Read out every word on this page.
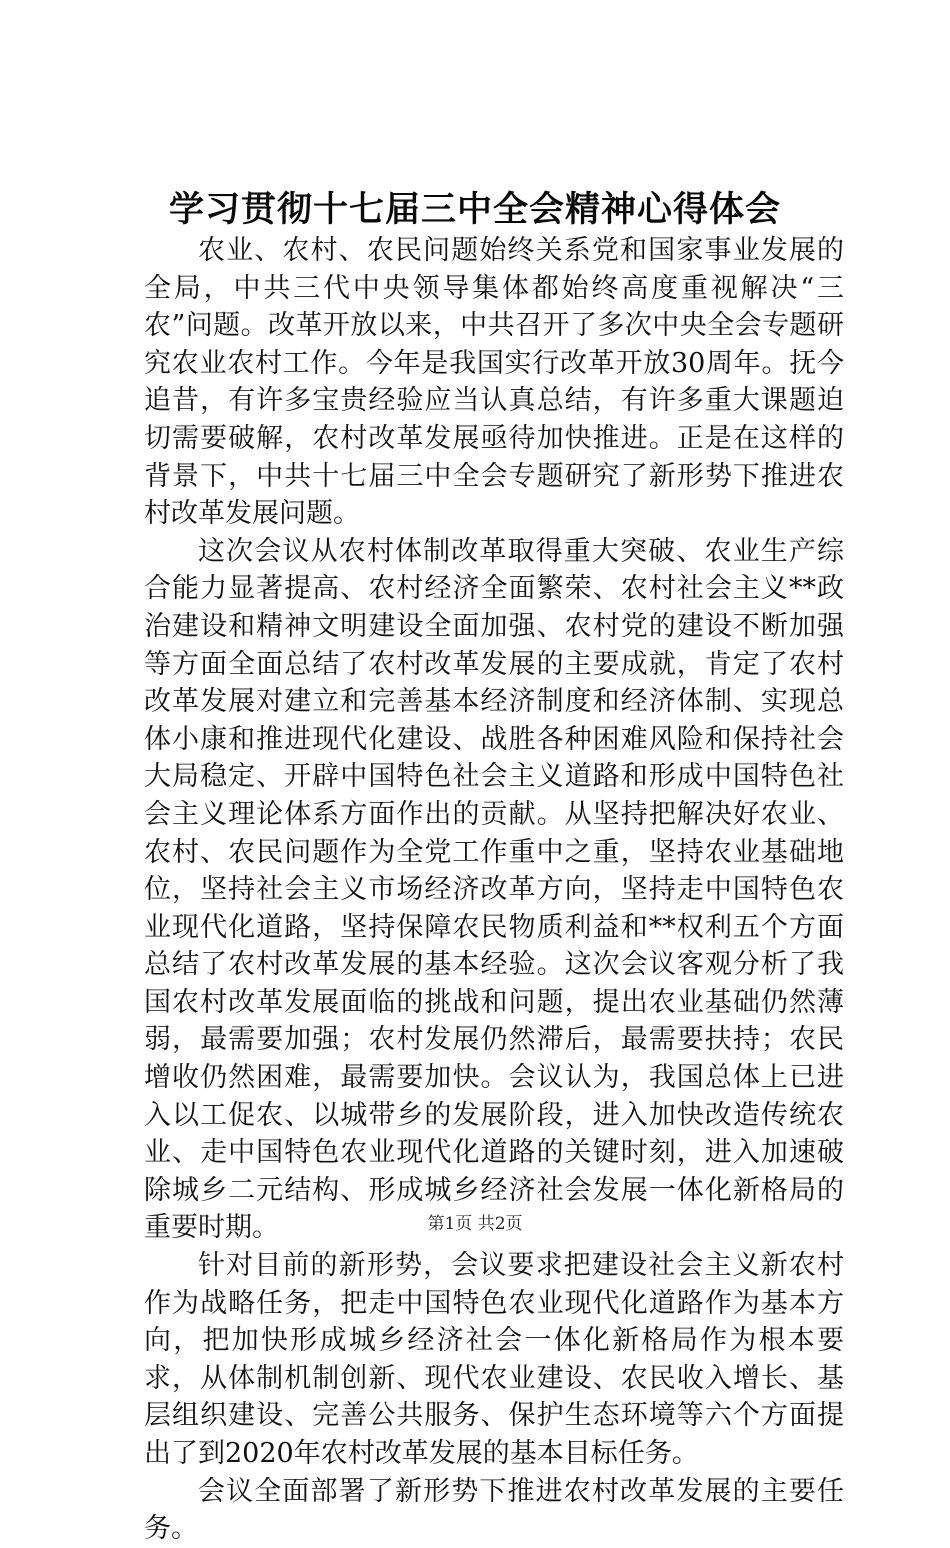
学习贯彻十七届三中全会精神心得体会

农业、农村、农民问题始终关系党和国家事业发展的全局，中共三代中央领导集体都始终高度重视解决“三农”问题。改革开放以来，中共召开了多次中央全会专题研究农业农村工作。今年是我国实行改革开放30周年。抚今追昔，有许多宝贵经验应当认真总结，有许多重大课题迫切需要破解，农村改革发展亟待加快推进。正是在这样的背景下，中共十七届三中全会专题研究了新形势下推进农村改革发展问题。

这次会议从农村体制改革取得重大突破、农业生产综合能力显著提高、农村经济全面繁荣、农村社会主义**政治建设和精神文明建设全面加强、农村党的建设不断加强等方面全面总结了农村改革发展的主要成就，肯定了农村改革发展对建立和完善基本经济制度和经济体制、实现总体小康和推进现代化建设、战胜各种困难风险和保持社会大局稳定、开辟中国特色社会主义道路和形成中国特色社会主义理论体系方面作出的贡献。从坚持把解决好农业、农村、农民问题作为全党工作重中之重，坚持农业基础地位，坚持社会主义市场经济改革方向，坚持走中国特色农业现代化道路，坚持保障农民物质利益和**权利五个方面总结了农村改革发展的基本经验。这次会议客观分析了我国农村改革发展面临的挑战和问题，提出农业基础仍然薄弱，最需要加强；农村发展仍然滞后，最需要扶持；农民增收仍然困难，最需要加快。会议认为，我国总体上已进入以工促农、以城带乡的发展阶段，进入加快改造传统农业、走中国特色农业现代化道路的关键时刻，进入加速破除城乡二元结构、形成城乡经济社会发展一体化新格局的重要时期。

针对目前的新形势，会议要求把建设社会主义新农村作为战略任务，把走中国特色农业现代化道路作为基本方向，把加快形成城乡经济社会一体化新格局作为根本要求，从体制机制创新、现代农业建设、农民收入增长、基层组织建设、完善公共服务、保护生态环境等六个方面提出了到2020年农村改革发展的基本目标任务。

会议全面部署了新形势下推进农村改革发展的主要任务。

第1页 共2页
